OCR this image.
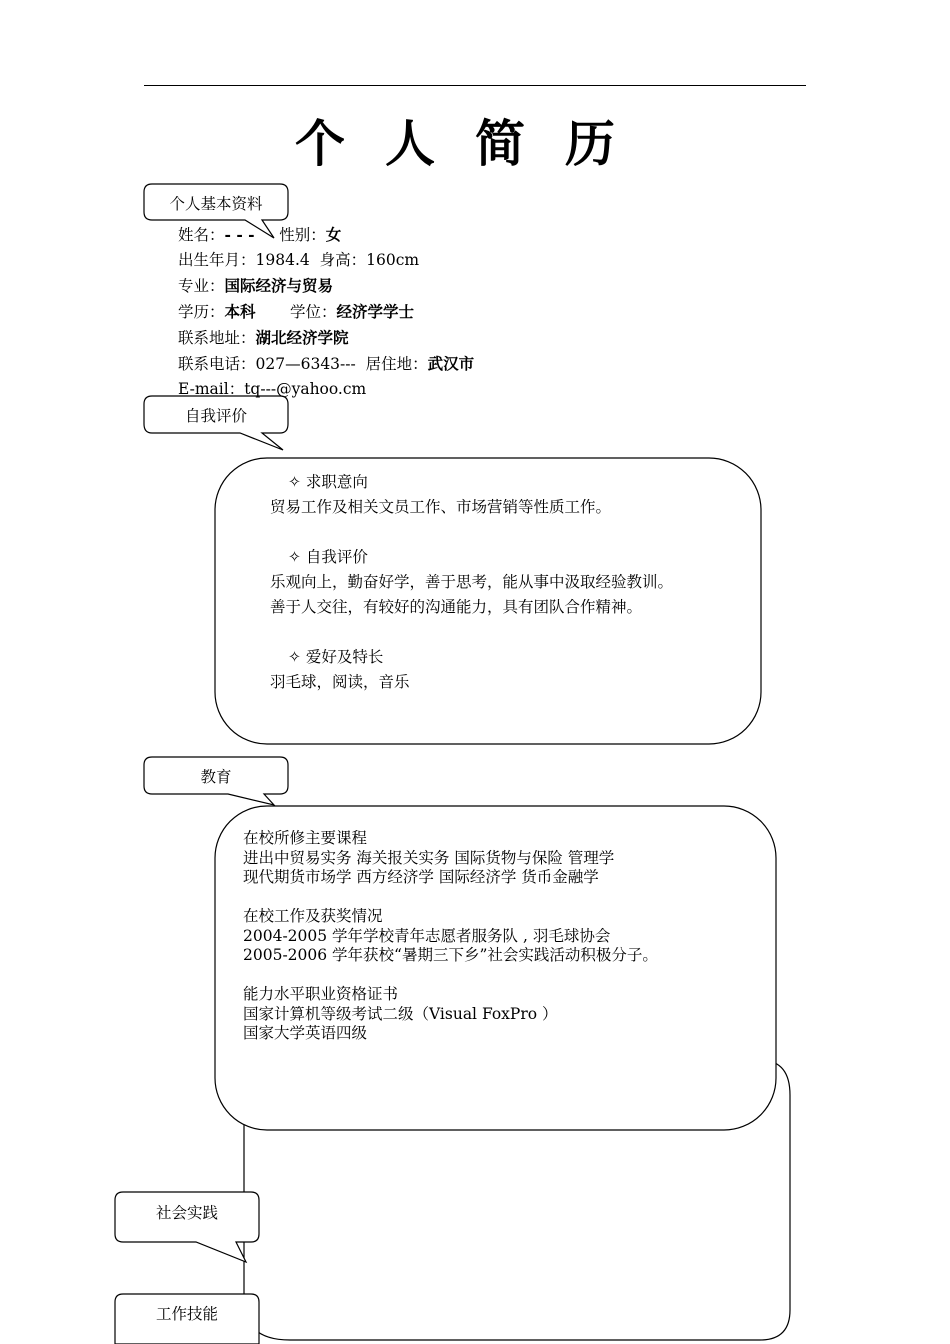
个人简历
个人基本资料
自我评价
教育
社会实践
工作技能
姓名：- - - 性别：女
出生年月：1984.4 身高：160cm
专业：国际经济与贸易
学历：本科 学位：经济学学士
联系地址：湖北经济学院
联系电话：027—6343--- 居住地：武汉市
E-mail：tq---@yahoo.cm
✧ 求职意向
贸易工作及相关文员工作、市场营销等性质工作。

✧ 自我评价
乐观向上，勤奋好学，善于思考，能从事中汲取经验教训。
善于人交往，有较好的沟通能力，具有团队合作精神。

✧ 爱好及特长
羽毛球，阅读，音乐
在校所修主要课程
进出中贸易实务 海关报关实务 国际货物与保险 管理学
现代期货市场学 西方经济学 国际经济学 货币金融学

在校工作及获奖情况
2004-2005 学年学校青年志愿者服务队 , 羽毛球协会
2005-2006 学年获校“暑期三下乡”社会实践活动积极分子。

能力水平职业资格证书
国家计算机等级考试二级（Visual FoxPro ）
国家大学英语四级
